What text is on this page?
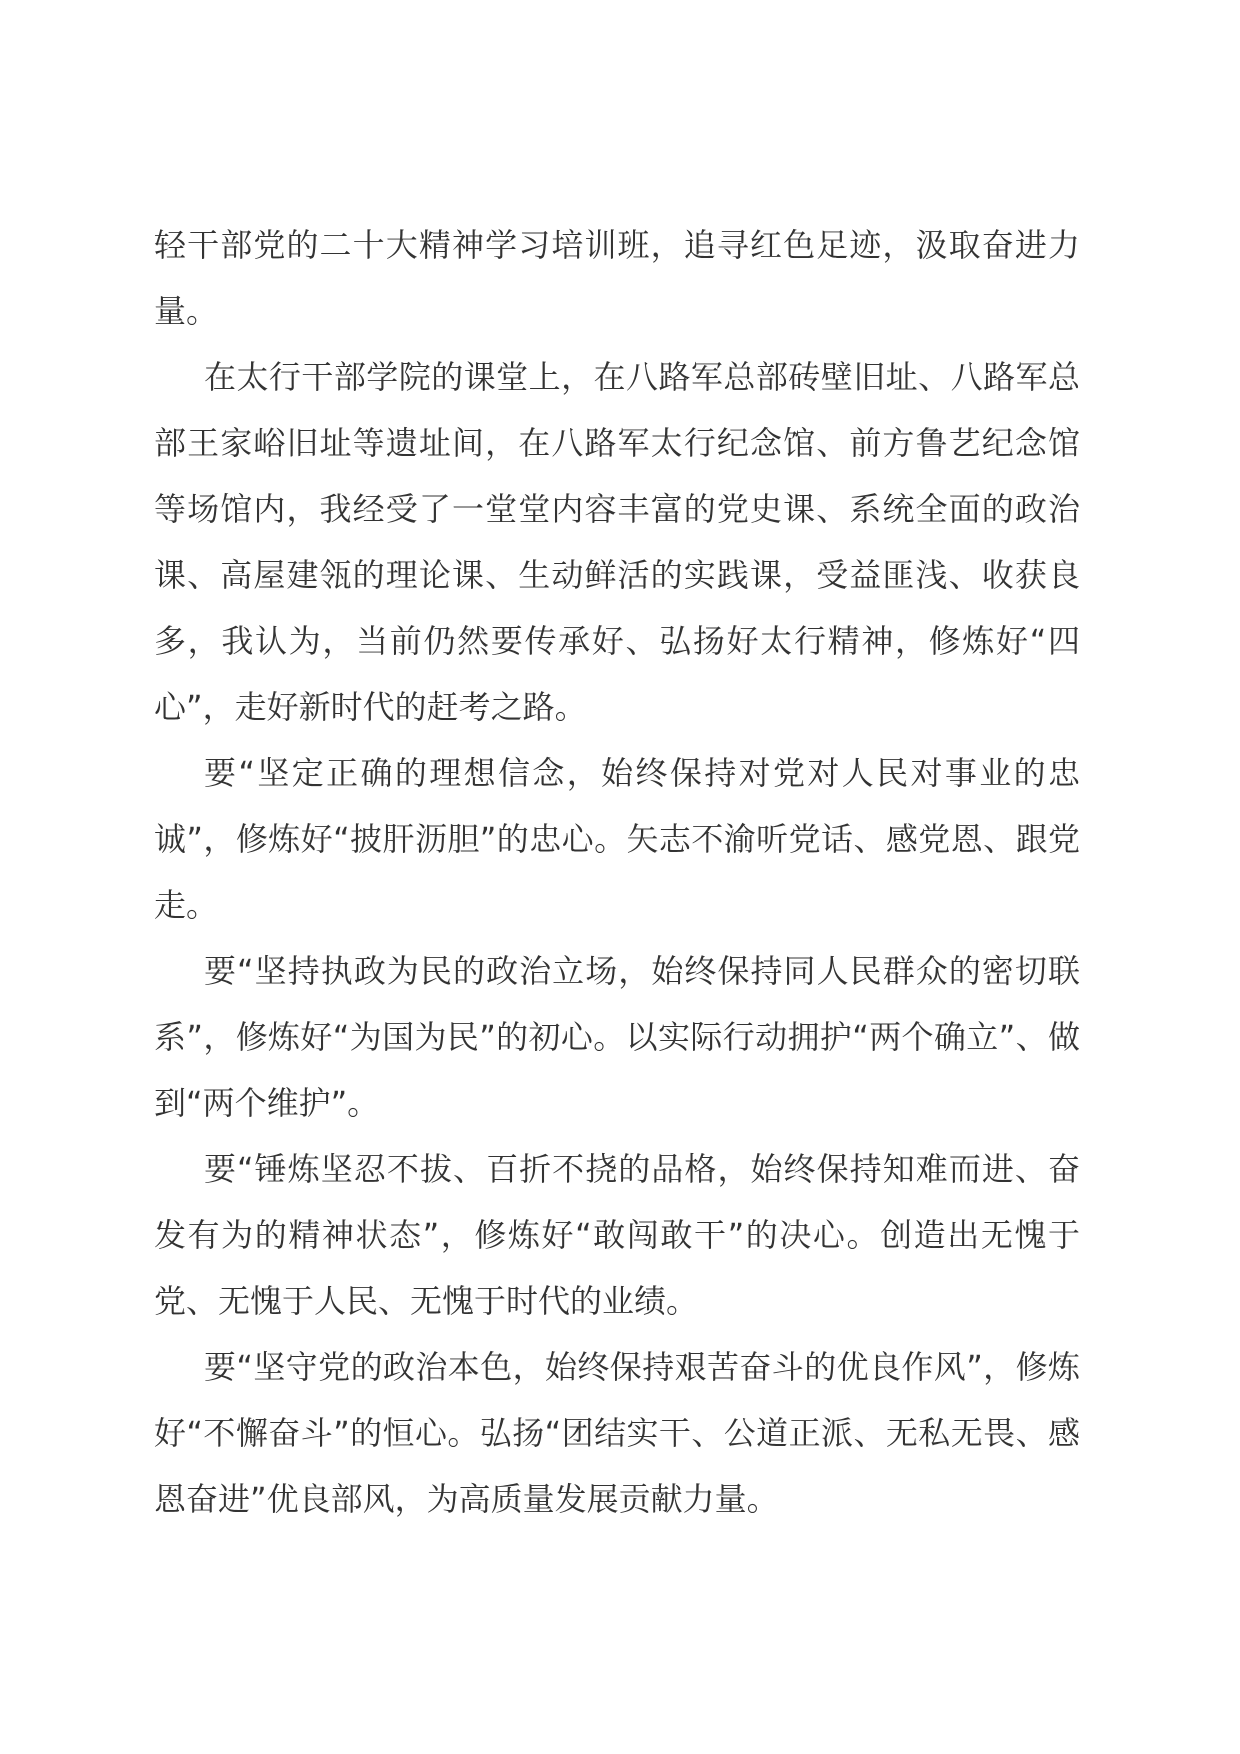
轻干部党的二十大精神学习培训班，追寻红色足迹，汲取奋进力量。

在太行干部学院的课堂上，在八路军总部砖壁旧址、八路军总部王家峪旧址等遗址间，在八路军太行纪念馆、前方鲁艺纪念馆等场馆内，我经受了一堂堂内容丰富的党史课、系统全面的政治课、高屋建瓴的理论课、生动鲜活的实践课，受益匪浅、收获良多，我认为，当前仍然要传承好、弘扬好太行精神，修炼好“四心”，走好新时代的赶考之路。

要“坚定正确的理想信念，始终保持对党对人民对事业的忠诚”，修炼好“披肝沥胆”的忠心。矢志不渝听党话、感党恩、跟党走。

要“坚持执政为民的政治立场，始终保持同人民群众的密切联系”，修炼好“为国为民”的初心。以实际行动拥护“两个确立”、做到“两个维护”。

要“锤炼坚忍不拔、百折不挠的品格，始终保持知难而进、奋发有为的精神状态”，修炼好“敢闯敢干”的决心。创造出无愧于党、无愧于人民、无愧于时代的业绩。

要“坚守党的政治本色，始终保持艰苦奋斗的优良作风”，修炼好“不懈奋斗”的恒心。弘扬“团结实干、公道正派、无私无畏、感恩奋进”优良部风，为高质量发展贡献力量。
